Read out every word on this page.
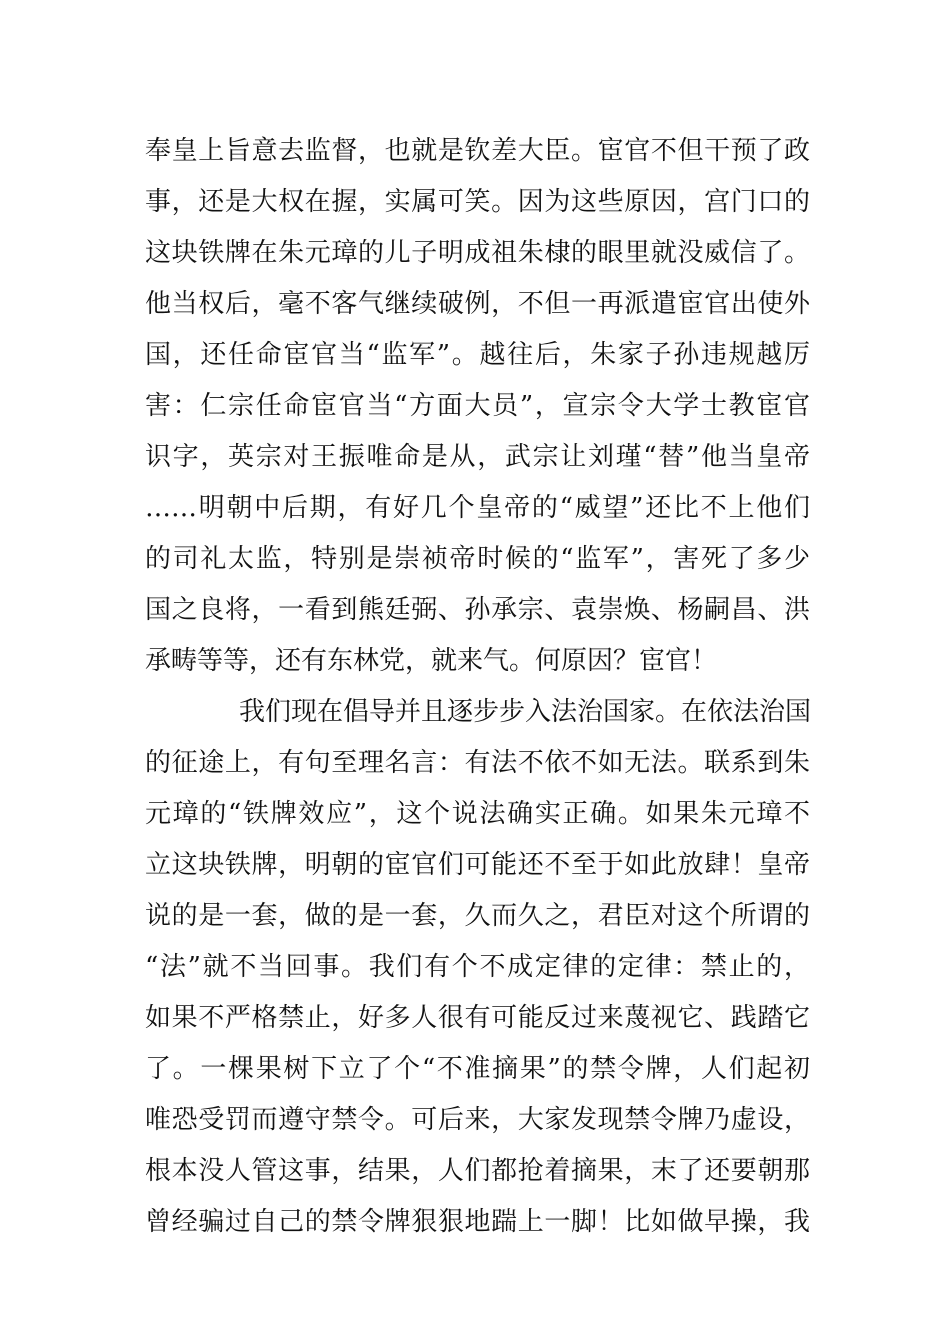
奉皇上旨意去监督，也就是钦差大臣。宦官不但干预了政
事，还是大权在握，实属可笑。因为这些原因，宫门口的
这块铁牌在朱元璋的儿子明成祖朱棣的眼里就没威信了。
他当权后，毫不客气继续破例，不但一再派遣宦官出使外
国，还任命宦官当“监军”。越往后，朱家子孙违规越厉
害：仁宗任命宦官当“方面大员”，宣宗令大学士教宦官
识字，英宗对王振唯命是从，武宗让刘瑾“替”他当皇帝
……明朝中后期，有好几个皇帝的“威望”还比不上他们
的司礼太监，特别是崇祯帝时候的“监军”，害死了多少
国之良将，一看到熊廷弼、孙承宗、袁崇焕、杨嗣昌、洪
承畴等等，还有东林党，就来气。何原因？宦官！
我们现在倡导并且逐步步入法治国家。在依法治国
的征途上，有句至理名言：有法不依不如无法。联系到朱
元璋的“铁牌效应”，这个说法确实正确。如果朱元璋不
立这块铁牌，明朝的宦官们可能还不至于如此放肆！皇帝
说的是一套，做的是一套，久而久之，君臣对这个所谓的
“法”就不当回事。我们有个不成定律的定律：禁止的，
如果不严格禁止，好多人很有可能反过来蔑视它、践踏它
了。一棵果树下立了个“不准摘果”的禁令牌，人们起初
唯恐受罚而遵守禁令。可后来，大家发现禁令牌乃虚设，
根本没人管这事，结果，人们都抢着摘果，末了还要朝那
曾经骗过自己的禁令牌狠狠地踹上一脚！比如做早操，我
